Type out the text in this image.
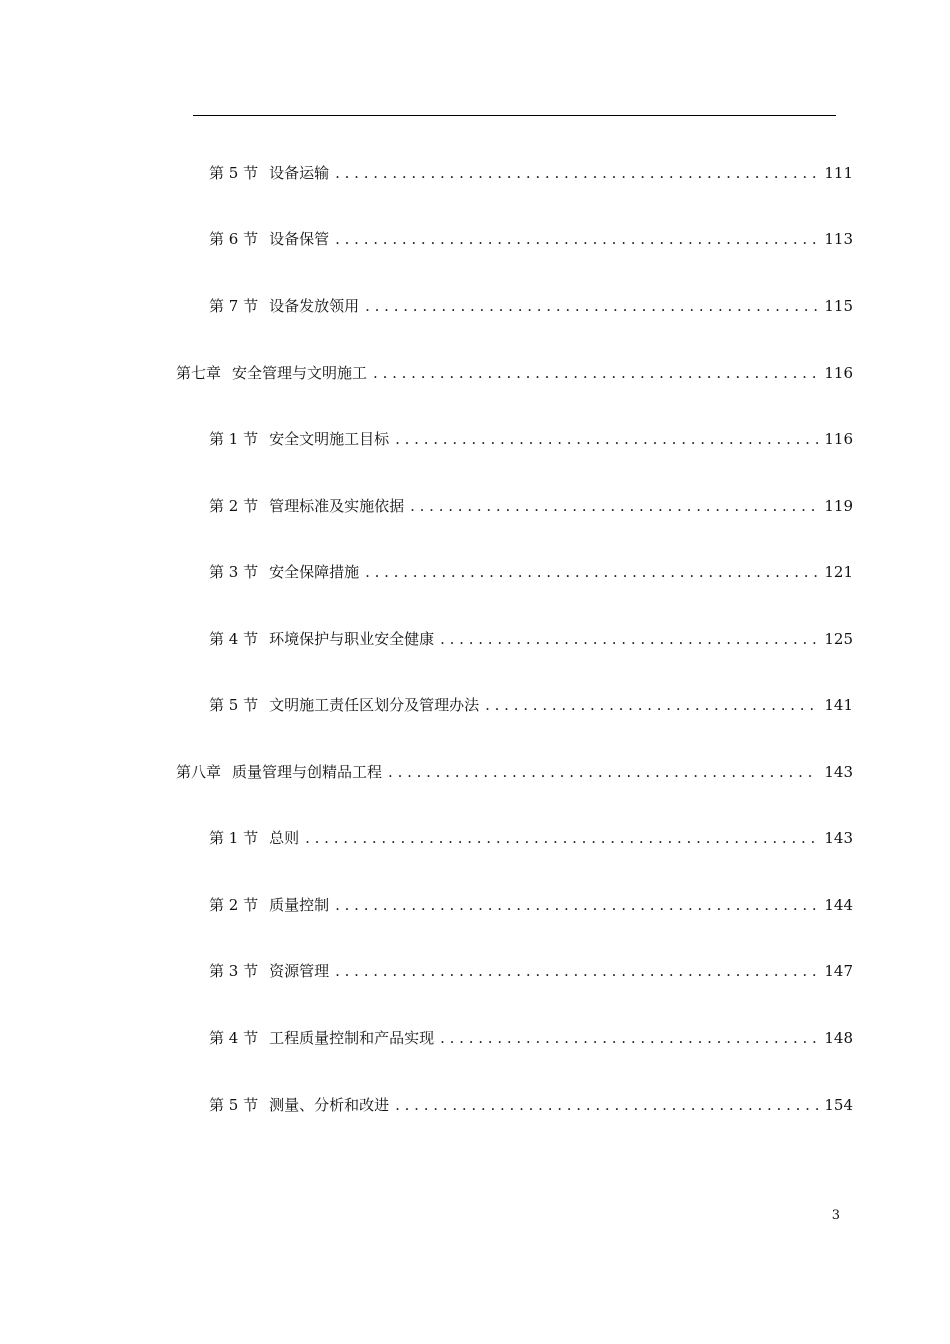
第 5 节 设备运输 . . .	111
第 6 节 设备保管 . . .	113
第 7 节 设备发放领用 . . .	115
第七章 安全管理与文明施工 . . .	116
第 1 节 安全文明施工目标 . . .	116
第 2 节 管理标准及实施依据 . . .	119
第 3 节 安全保障措施 . . .	121
第 4 节 环境保护与职业安全健康 . . .	125
第 5 节 文明施工责任区划分及管理办法 . . .	141
第八章 质量管理与创精品工程 . . .	143
第 1 节 总则 . . .	143
第 2 节 质量控制 . . .	144
第 3 节 资源管理 . . .	147
第 4 节 工程质量控制和产品实现 . . .	148
第 5 节 测量、分析和改进 . . .	154
3
